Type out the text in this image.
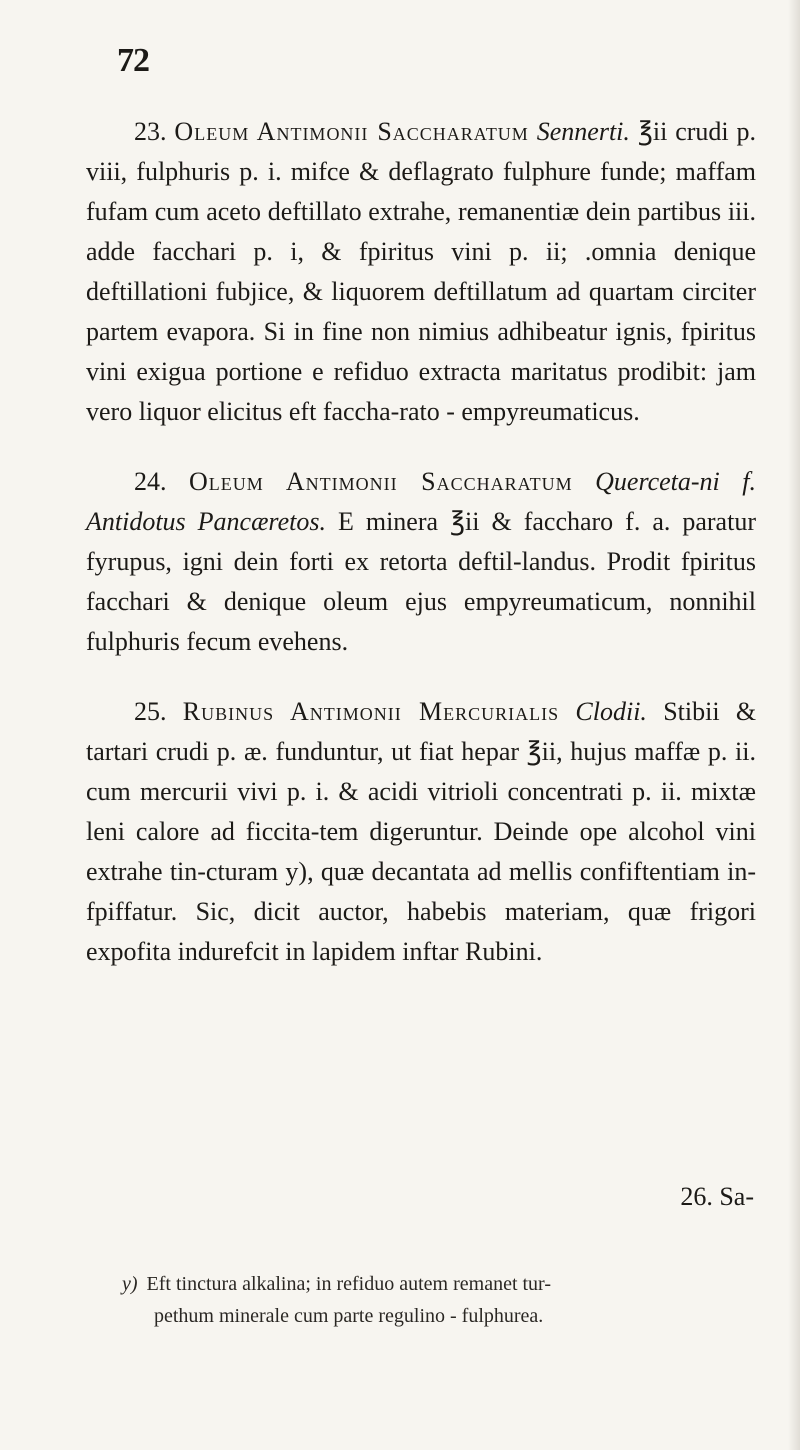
72

23. Oleum Antimonii Saccharatum Sennerti. ℥ii crudi p. viii, fulphuris p. i. mifce & deflagrato fulphure funde; maffam fufam cum aceto deftillato extrahe, remanentiæ dein partibus iii. adde facchari p. i, & fpiritus vini p. ii; .omnia denique deftillationi fubjice, & liquorem deftillatum ad quartam circiter partem evapora. Si in fine non nimius adhibeatur ignis, fpiritus vini exigua portione e refiduo extracta maritatus prodibit: jam vero liquor elicitus eft faccha-rato - empyreumaticus.

24. Oleum Antimonii Saccharatum Querceta-ni f. Antidotus Pancæretos. E minera ℥ii & faccharo f. a. paratur fyrupus, igni dein forti ex retorta deftil-landus. Prodit fpiritus facchari & denique oleum ejus empyreumaticum, nonnihil fulphuris fecum evehens.

25. Rubinus Antimonii Mercurialis Clodii. Stibii & tartari crudi p. æ. funduntur, ut fiat hepar ℥ii, hujus maffæ p. ii. cum mercurii vivi p. i. & acidi vitrioli concentrati p. ii. mixtæ leni calore ad ficcita-tem digeruntur. Deinde ope alcohol vini extrahe tin-cturam y), quæ decantata ad mellis confiftentiam in-fpiffatur. Sic, dicit auctor, habebis materiam, quæ frigori expofita indurefcit in lapidem inftar Rubini.

26. Sa-

y) Eft tinctura alkalina; in refiduo autem remanet tur-
pethum minerale cum parte regulino - fulphurea.
